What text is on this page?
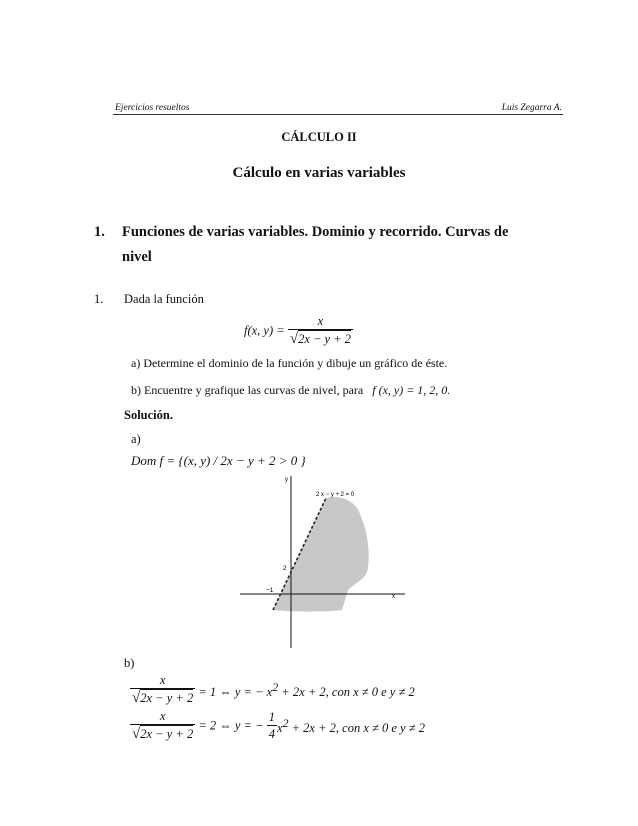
Ejercicios resueltos	Luis Zegarra A.
CÁLCULO II
Cálculo en varias variables
1. Funciones de varias variables. Dominio y recorrido. Curvas de nivel
1. Dada la función
f(x, $y) = \frac{x}{√2x - y + 2}$
a) Determine el dominio de la función y dibuje un gráfico de éste.
b) Encuentre y grafique las curvas de nivel, para f (x, y) = 1, 2, 0.
Solución.
a)
Dom f = {(x, y) / 2x − y + 2 > 0 }
y
x
2 x − y + 2 = 0
2
−1
b)
$\frac{x}{√2x - y + 2} = 1$ ⇔ y = − $x^2 + 2x + 2$, con x ≠ 0 e y ≠ 2
$\frac{x}{√2x - y + 2} = 2$ ⇔ y = − $\frac{1}{4} x^2 + 2x + 2$, con x ≠ 0 e y ≠ 2
